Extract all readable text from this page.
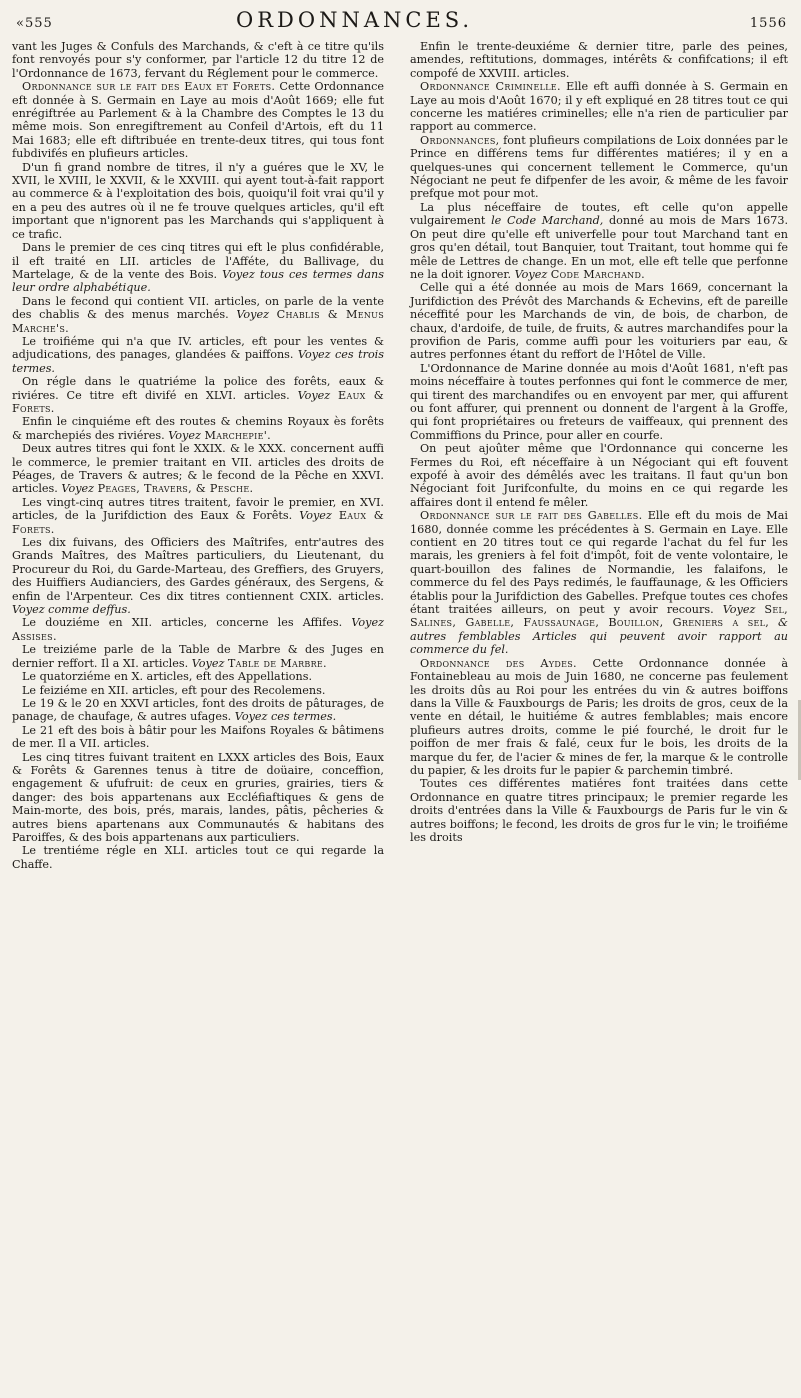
«555	ORDONNANCES.	1556

vant les Juges & Confuls des Marchands, & c'eft à ce titre qu'ils font renvoyés pour s'y conformer, par l'article 12 du titre 12 de l'Ordonnance de 1673, fervant du Réglement pour le commerce.

Ordonnance sur le fait des Eaux et Forets. Cette Ordonnance eft donnée à S. Germain en Laye au mois d'Août 1669; elle fut enrégiftrée au Parlement & à la Chambre des Comptes le 13 du même mois. Son enregiftrement au Confeil d'Artois, eft du 11 Mai 1683; elle eft diftribuée en trente-deux titres, qui tous font fubdivifés en plufieurs articles.

D'un fi grand nombre de titres, il n'y a guéres que le XV, le XVII, le XVIII, le XXVII, & le XXVIII. qui ayent tout-à-fait rapport au commerce & à l'exploitation des bois, quoiqu'il foit vrai qu'il y en a peu des autres où il ne fe trouve quelques articles, qu'il eft important que n'ignorent pas les Marchands qui s'appliquent à ce trafic.

Dans le premier de ces cinq titres qui eft le plus confidérable, il eft traité en LII. articles de l'Afféte, du Ballivage, du Martelage, & de la vente des Bois. Voyez tous ces termes dans leur ordre alphabétique.

Dans le fecond qui contient VII. articles, on parle de la vente des chablis & des menus marchés. Voyez Chablis & Menus Marche's.

Le troifiéme qui n'a que IV. articles, eft pour les ventes & adjudications, des panages, glandées & paiffons. Voyez ces trois termes.

On régle dans le quatriéme la police des forêts, eaux & riviéres. Ce titre eft divifé en XLVI. articles. Voyez Eaux & Forets.

Enfin le cinquiéme eft des routes & chemins Royaux ès forêts & marchepiés des riviéres. Voyez Marchepie'.

Deux autres titres qui font le XXIX. & le XXX. concernent auffi le commerce, le premier traitant en VII. articles des droits de Péages, de Travers & autres; & le fecond de la Pêche en XXVI. articles. Voyez Peages, Travers, & Pesche.

Les vingt-cinq autres titres traitent, favoir le premier, en XVI. articles, de la Jurifdiction des Eaux & Forêts. Voyez Eaux & Forets.

Les dix fuivans, des Officiers des Maîtrifes, entr'autres des Grands Maîtres, des Maîtres particuliers, du Lieutenant, du Procureur du Roi, du Garde-Marteau, des Greffiers, des Gruyers, des Huiffiers Audianciers, des Gardes généraux, des Sergens, & enfin de l'Arpenteur. Ces dix titres contiennent CXIX. articles. Voyez comme deffus.

Le douziéme en XII. articles, concerne les Affifes. Voyez Assises.

Le treiziéme parle de la Table de Marbre & des Juges en dernier reffort. Il a XI. articles. Voyez Table de Marbre.

Le quatorziéme en X. articles, eft des Appellations.

Le feiziéme en XII. articles, eft pour des Recolemens.

Le 19 & le 20 en XXVI articles, font des droits de pâturages, de panage, de chaufage, & autres ufages. Voyez ces termes.

Le 21 eft des bois à bâtir pour les Maifons Royales & bâtimens de mer. Il a VII. articles.

Les cinq titres fuivant traitent en LXXX articles des Bois, Eaux & Forêts & Garennes tenus à titre de doüaire, conceffion, engagement & ufufruit: de ceux en gruries, grairies, tiers & danger: des bois appartenans aux Eccléfiaftiques & gens de Main-morte, des bois, prés, marais, landes, pâtis, pêcheries & autres biens apartenans aux Communautés & habitans des Paroiffes, & des bois appartenans aux particuliers.

Le trentiéme régle en XLI. articles tout ce qui regarde la Chaffe.

Enfin le trente-deuxiéme & dernier titre, parle des peines, amendes, reftitutions, dommages, intérêts & confifcations; il eft compofé de XXVIII. articles.

Ordonnance Criminelle. Elle eft auffi donnée à S. Germain en Laye au mois d'Août 1670; il y eft expliqué en 28 titres tout ce qui concerne les matiéres criminelles; elle n'a rien de particulier par rapport au commerce.

Ordonnances, font plufieurs compilations de Loix données par le Prince en différens tems fur différentes matiéres; il y en a quelques-unes qui concernent tellement le Commerce, qu'un Négociant ne peut fe difpenfer de les avoir, & même de les favoir prefque mot pour mot.

La plus néceffaire de toutes, eft celle qu'on appelle vulgairement le Code Marchand, donné au mois de Mars 1673. On peut dire qu'elle eft univerfelle pour tout Marchand tant en gros qu'en détail, tout Banquier, tout Traitant, tout homme qui fe mêle de Lettres de change. En un mot, elle eft telle que perfonne ne la doit ignorer. Voyez Code Marchand.

Celle qui a été donnée au mois de Mars 1669, concernant la Jurifdiction des Prévôt des Marchands & Echevins, eft de pareille néceffité pour les Marchands de vin, de bois, de charbon, de chaux, d'ardoife, de tuile, de fruits, & autres marchandifes pour la provifion de Paris, comme auffi pour les voituriers par eau, & autres perfonnes étant du reffort de l'Hôtel de Ville.

L'Ordonnance de Marine donnée au mois d'Août 1681, n'eft pas moins néceffaire à toutes perfonnes qui font le commerce de mer, qui tirent des marchandifes ou en envoyent par mer, qui affurent ou font affurer, qui prennent ou donnent de l'argent à la Groffe, qui font propriétaires ou freteurs de vaiffeaux, qui prennent des Commiffions du Prince, pour aller en courfe.

On peut ajoûter même que l'Ordonnance qui concerne les Fermes du Roi, eft néceffaire à un Négociant qui eft fouvent expofé à avoir des démêlés avec les traitans. Il faut qu'un bon Négociant foit Jurifconfulte, du moins en ce qui regarde les affaires dont il entend fe mêler.

Ordonnance sur le fait des Gabelles. Elle eft du mois de Mai 1680, donnée comme les précédentes à S. Germain en Laye. Elle contient en 20 titres tout ce qui regarde l'achat du fel fur les marais, les greniers à fel foit d'impôt, foit de vente volontaire, le quart-bouillon des falines de Normandie, les falaifons, le commerce du fel des Pays redimés, le fauffaunage, & les Officiers établis pour la Jurifdiction des Gabelles. Prefque toutes ces chofes étant traitées ailleurs, on peut y avoir recours. Voyez Sel, Salines, Gabelle, Faussaunage, Bouillon, Greniers a sel, & autres femblables Articles qui peuvent avoir rapport au commerce du fel.

Ordonnance des Aydes. Cette Ordonnance donnée à Fontainebleau au mois de Juin 1680, ne concerne pas feulement les droits dûs au Roi pour les entrées du vin & autres boiffons dans la Ville & Fauxbourgs de Paris; les droits de gros, ceux de la vente en détail, le huitiéme & autres femblables; mais encore plufieurs autres droits, comme le pié fourché, le droit fur le poiffon de mer frais & falé, ceux fur le bois, les droits de la marque du fer, de l'acier & mines de fer, la marque & le controlle du papier, & les droits fur le papier & parchemin timbré.

Toutes ces différentes matiéres font traitées dans cette Ordonnance en quatre titres principaux; le premier regarde les droits d'entrées dans la Ville & Fauxbourgs de Paris fur le vin & autres boiffons; le fecond, les droits de gros fur le vin; le troifiéme les droits
